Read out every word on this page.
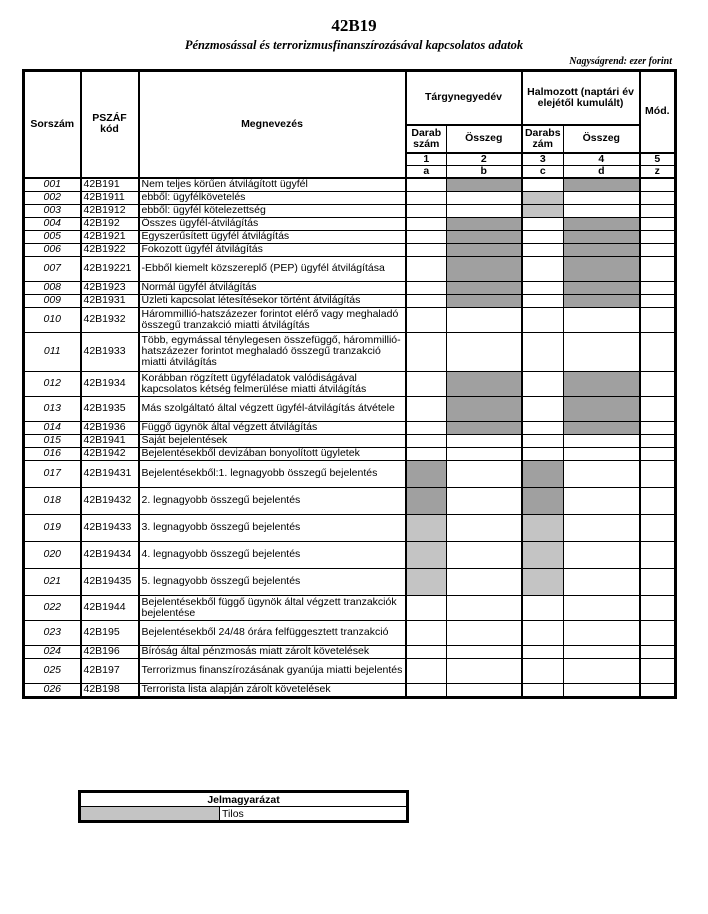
42B19
Pénzmosással és terrorizmusfinanszírozásával kapcsolatos adatok
Nagyságrend: ezer forint
Sorszám	PSZÁF kód	Megnevezés	Tárgynegyedév		Halmozott (naptári év elejétől kumulált)		Mód.
			Darab szám	Összeg	Darabs zám	Összeg	
			1	2	3	4	5
			a	b	c	d	z
001	42B191	Nem teljes körűen átvilágított ügyfél					
002	42B1911	ebből: ügyfélkövetelés					
003	42B1912	ebből: ügyfél kötelezettség					
004	42B192	Összes ügyfél-átvilágítás					
005	42B1921	Egyszerűsített ügyfél átvilágítás					
006	42B1922	Fokozott ügyfél átvilágítás					
007	42B19221	-Ebből kiemelt közszereplő (PEP) ügyfél átvilágítása					
008	42B1923	Normál ügyfél átvilágítás					
009	42B1931	Üzleti kapcsolat létesítésekor történt átvilágítás					
010	42B1932	Hárommillió-hatszázezer forintot elérő vagy meghaladó összegű tranzakció miatti átvilágítás					
011	42B1933	Több, egymással ténylegesen összefüggő, hárommillió-hatszázezer forintot meghaladó összegű tranzakció miatti átvilágítás					
012	42B1934	Korábban rögzített ügyféladatok valódiságával kapcsolatos kétség felmerülése miatti átvilágítás					
013	42B1935	Más szolgáltató által végzett ügyfél-átvilágítás átvétele					
014	42B1936	Függő ügynök által végzett átvilágítás					
015	42B1941	Saját bejelentések					
016	42B1942	Bejelentésekből devizában bonyolított ügyletek					
017	42B19431	Bejelentésekből:1. legnagyobb összegű bejelentés					
018	42B19432	2. legnagyobb összegű bejelentés					
019	42B19433	3. legnagyobb összegű bejelentés					
020	42B19434	4. legnagyobb összegű bejelentés					
021	42B19435	5. legnagyobb összegű bejelentés					
022	42B1944	Bejelentésekből függő ügynök által végzett tranzakciók bejelentése					
023	42B195	Bejelentésekből 24/48 órára felfüggesztett tranzakció					
024	42B196	Bíróság által pénzmosás miatt zárolt követelések					
025	42B197	Terrorizmus finanszírozásának gyanúja miatti bejelentés					
026	42B198	Terrorista lista alapján zárolt követelések					
Jelmagyarázat
	Tilos
